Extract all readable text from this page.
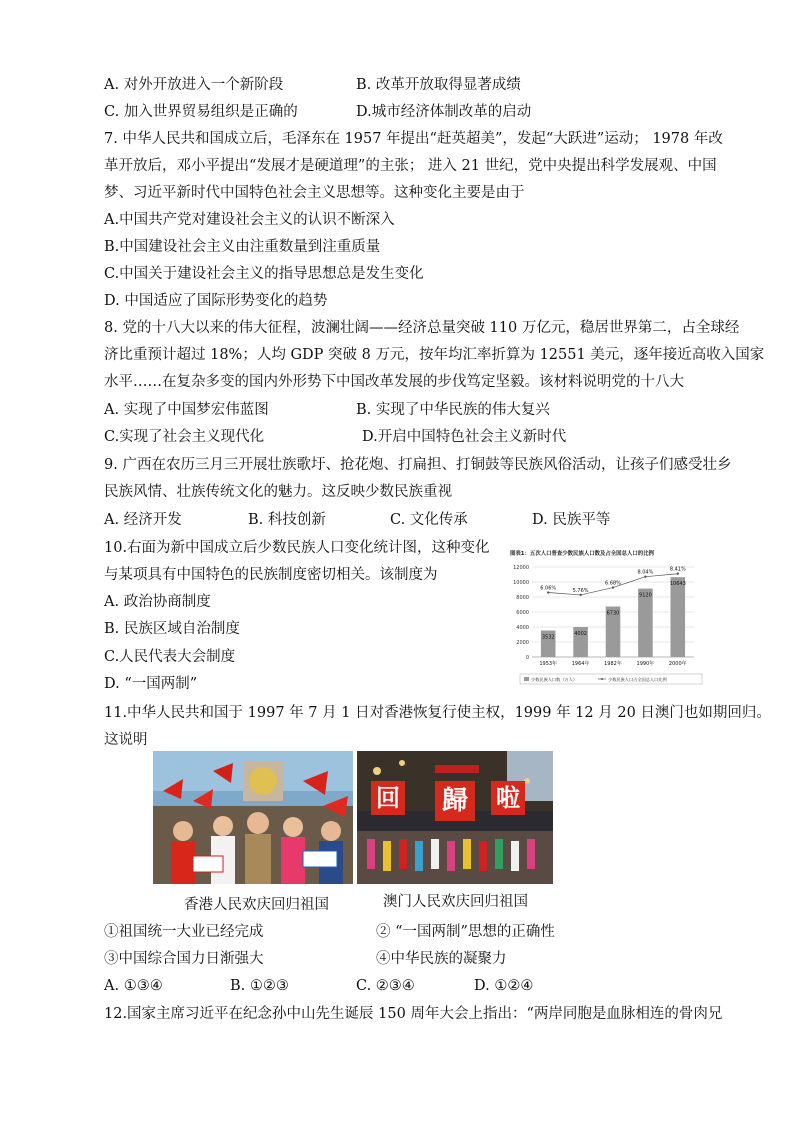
A. 对外开放进入一个新阶段	B. 改革开放取得显著成绩
C. 加入世界贸易组织是正确的	D.城市经济体制改革的启动
7. 中华人民共和国成立后，毛泽东在 1957 年提出“赶英超美”，发起“大跃进”运动； 1978 年改
革开放后，邓小平提出“发展才是硬道理”的主张； 进入 21 世纪，党中央提出科学发展观、中国
梦、习近平新时代中国特色社会主义思想等。这种变化主要是由于
A.中国共产党对建设社会主义的认识不断深入
B.中国建设社会主义由注重数量到注重质量
C.中国关于建设社会主义的指导思想总是发生变化
D. 中国适应了国际形势变化的趋势
8. 党的十八大以来的伟大征程，波澜壮阔——经济总量突破 110 万亿元，稳居世界第二，占全球经
济比重预计超过 18%；人均 GDP 突破 8 万元，按年均汇率折算为 12551 美元，逐年接近高收入国家
水平……在复杂多变的国内外形势下中国改革发展的步伐笃定坚毅。该材料说明党的十八大
A. 实现了中国梦宏伟蓝图	B. 实现了中华民族的伟大复兴
C.实现了社会主义现代化	D.开启中国特色社会主义新时代
9. 广西在农历三月三开展壮族歌圩、抢花炮、打扁担、打铜鼓等民族风俗活动，让孩子们感受壮乡
民族风情、壮族传统文化的魅力。这反映少数民族重视
A. 经济开发	B. 科技创新	C. 文化传承	D. 民族平等
10.右面为新中国成立后少数民族人口变化统计图，这种变化
与某项具有中国特色的民族制度密切相关。该制度为
A. 政治协商制度
B. 民族区域自治制度
C.人民代表大会制度
D. “一国两制”
图表1：五次人口普查少数民族人口数及占全国总人口的比例
0
2000
4000
6000
8000
10000
12000
3532
4002
6730
9120
10643
6.06%	5.76%
6.68%
8.04%	8.41%
1953年	1964年	1982年	1990年	2000年
少数民族人口数（万人）	少数民族人口占全国总人口比例
11.中华人民共和国于 1997 年 7 月 1 日对香港恢复行使主权，1999 年 12 月 20 日澳门也如期回归。
这说明
回 歸 啦
香港人民欢庆回归祖国	澳门人民欢庆回归祖国
①祖国统一大业已经完成	② “一国两制”思想的正确性
③中国综合国力日渐强大	④中华民族的凝聚力
A. ①③④	B. ①②③	C. ②③④	D. ①②④
12.国家主席习近平在纪念孙中山先生诞辰 150 周年大会上指出：“两岸同胞是血脉相连的骨肉兄
